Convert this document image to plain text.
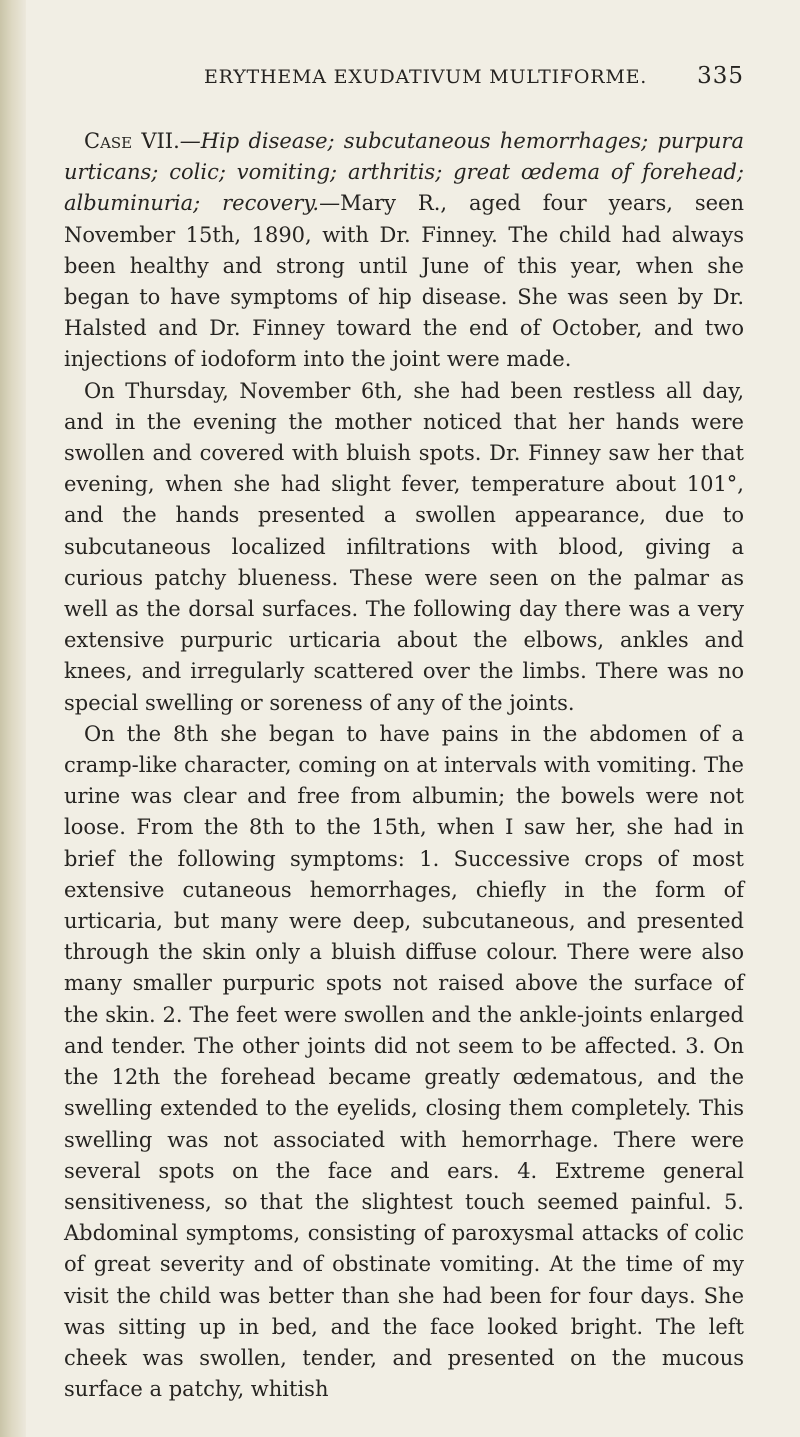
ERYTHEMA EXUDATIVUM MULTIFORME. 335

Case VII.—Hip disease; subcutaneous hemorrhages; purpura urticans; colic; vomiting; arthritis; great œdema of forehead; albuminuria; recovery.—Mary R., aged four years, seen November 15th, 1890, with Dr. Finney. The child had always been healthy and strong until June of this year, when she began to have symptoms of hip disease. She was seen by Dr. Halsted and Dr. Finney toward the end of October, and two injections of iodoform into the joint were made.

On Thursday, November 6th, she had been restless all day, and in the evening the mother noticed that her hands were swollen and covered with bluish spots. Dr. Finney saw her that evening, when she had slight fever, temperature about 101°, and the hands presented a swollen appearance, due to subcutaneous localized infiltrations with blood, giving a curious patchy blueness. These were seen on the palmar as well as the dorsal surfaces. The following day there was a very extensive purpuric urticaria about the elbows, ankles and knees, and irregularly scattered over the limbs. There was no special swelling or soreness of any of the joints.

On the 8th she began to have pains in the abdomen of a cramp-like character, coming on at intervals with vomiting. The urine was clear and free from albumin; the bowels were not loose. From the 8th to the 15th, when I saw her, she had in brief the following symptoms: 1. Successive crops of most extensive cutaneous hemorrhages, chiefly in the form of urticaria, but many were deep, subcutaneous, and presented through the skin only a bluish diffuse colour. There were also many smaller purpuric spots not raised above the surface of the skin. 2. The feet were swollen and the ankle-joints enlarged and tender. The other joints did not seem to be affected. 3. On the 12th the forehead became greatly œdematous, and the swelling extended to the eyelids, closing them completely. This swelling was not associated with hemorrhage. There were several spots on the face and ears. 4. Extreme general sensitiveness, so that the slightest touch seemed painful. 5. Abdominal symptoms, consisting of paroxysmal attacks of colic of great severity and of obstinate vomiting. At the time of my visit the child was better than she had been for four days. She was sitting up in bed, and the face looked bright. The left cheek was swollen, tender, and presented on the mucous surface a patchy, whitish
